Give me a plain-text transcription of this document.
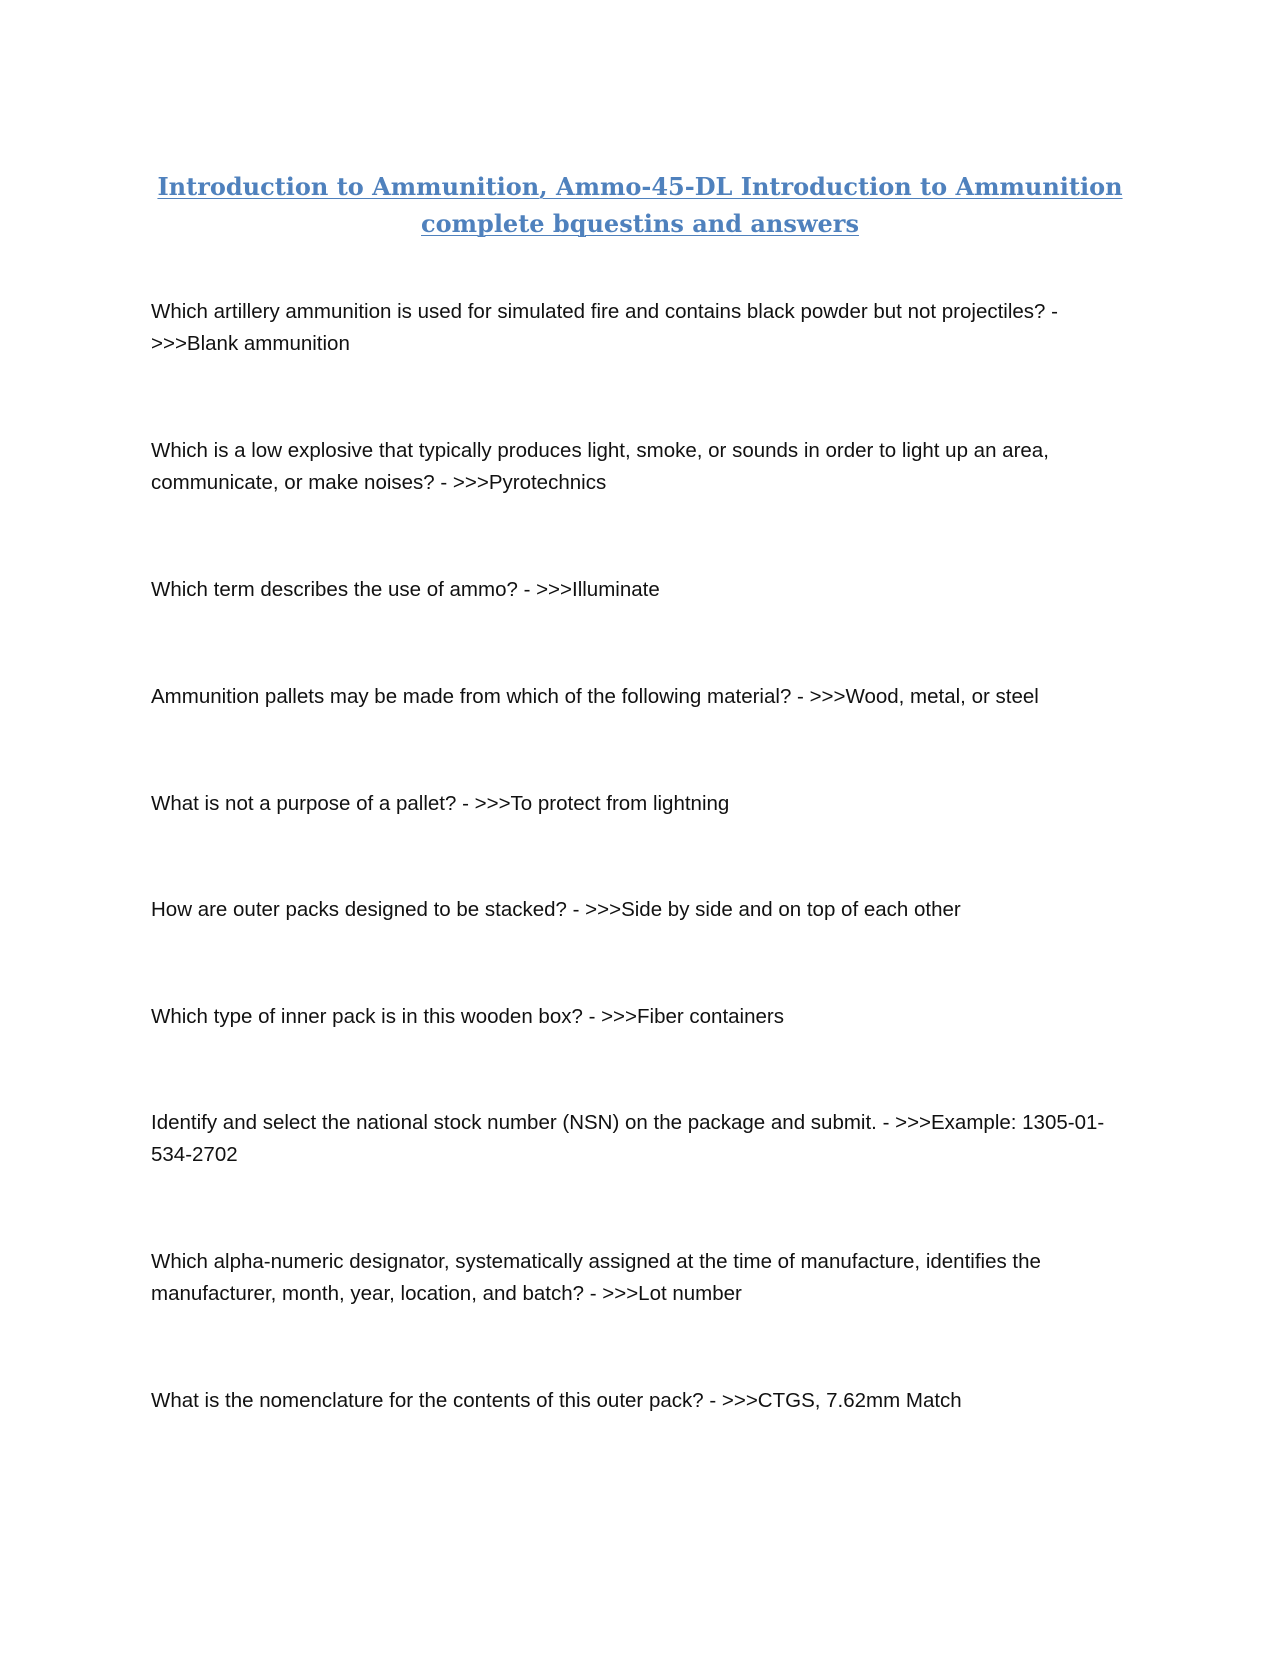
Introduction to Ammunition, Ammo-45-DL Introduction to Ammunition complete bquestins and answers
Which artillery ammunition is used for simulated fire and contains black powder but not projectiles? - >>>Blank ammunition
Which is a low explosive that typically produces light, smoke, or sounds in order to light up an area, communicate, or make noises? - >>>Pyrotechnics
Which term describes the use of ammo? - >>>Illuminate
Ammunition pallets may be made from which of the following material? - >>>Wood, metal, or steel
What is not a purpose of a pallet? - >>>To protect from lightning
How are outer packs designed to be stacked? - >>>Side by side and on top of each other
Which type of inner pack is in this wooden box? - >>>Fiber containers
Identify and select the national stock number (NSN) on the package and submit. - >>>Example: 1305-01-534-2702
Which alpha-numeric designator, systematically assigned at the time of manufacture, identifies the manufacturer, month, year, location, and batch? - >>>Lot number
What is the nomenclature for the contents of this outer pack? - >>>CTGS, 7.62mm Match
